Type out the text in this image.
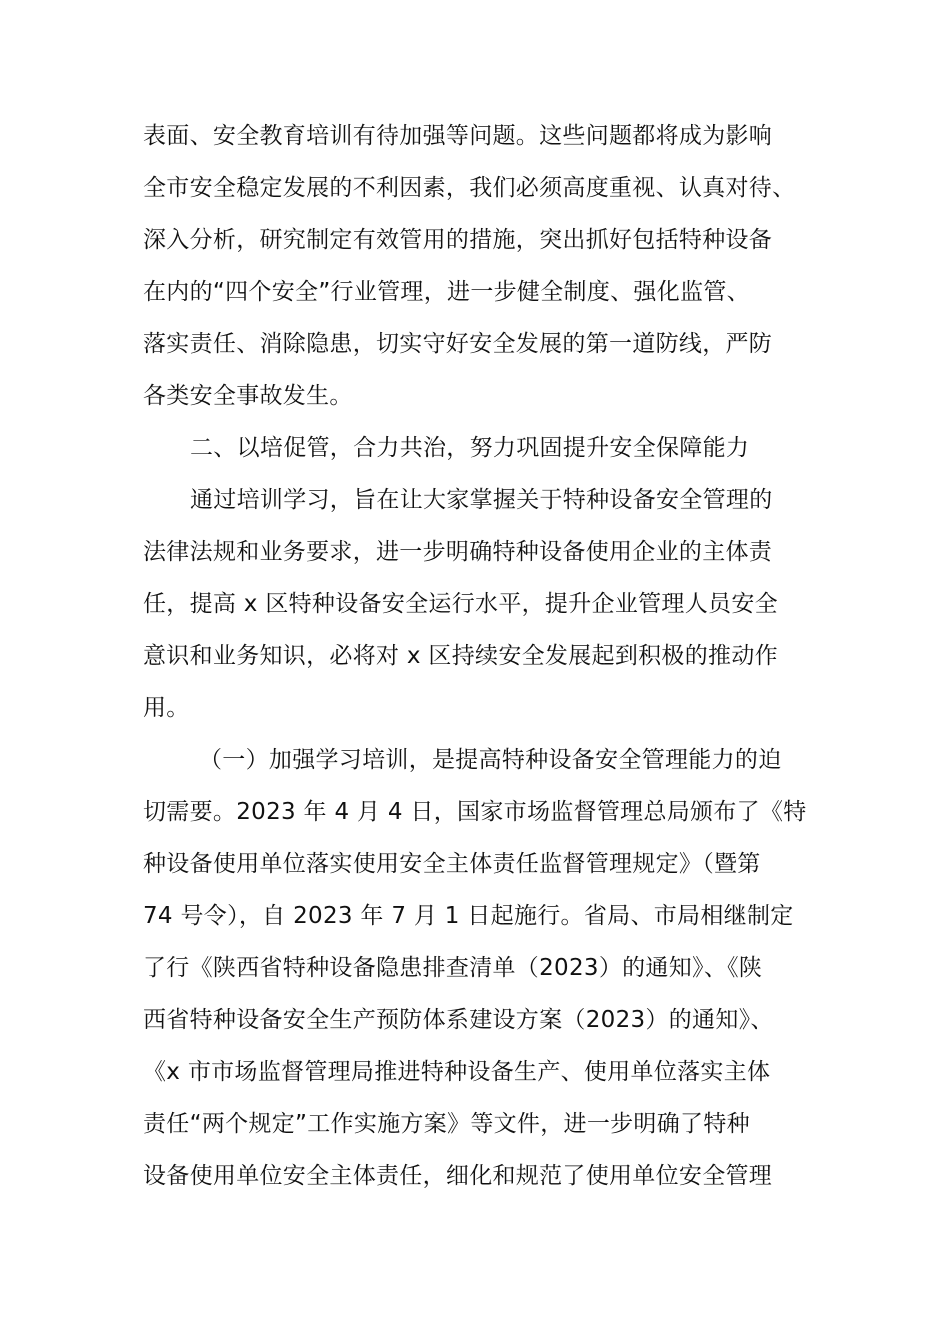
表面、安全教育培训有待加强等问题。这些问题都将成为影响
全市安全稳定发展的不利因素，我们必须高度重视、认真对待、
深入分析，研究制定有效管用的措施，突出抓好包括特种设备
在内的“四个安全”行业管理，进一步健全制度、强化监管、
落实责任、消除隐患，切实守好安全发展的第一道防线，严防
各类安全事故发生。
二、以培促管，合力共治，努力巩固提升安全保障能力
通过培训学习，旨在让大家掌握关于特种设备安全管理的
法律法规和业务要求，进一步明确特种设备使用企业的主体责
任，提高 x 区特种设备安全运行水平，提升企业管理人员安全
意识和业务知识，必将对 x 区持续安全发展起到积极的推动作
用。
（一）加强学习培训，是提高特种设备安全管理能力的迫
切需要。2023 年 4 月 4 日，国家市场监督管理总局颁布了《特
种设备使用单位落实使用安全主体责任监督管理规定》（暨第
74 号令），自 2023 年 7 月 1 日起施行。省局、市局相继制定
了行《陕西省特种设备隐患排查清单（2023）的通知》、《陕
西省特种设备安全生产预防体系建设方案（2023）的通知》、
《x 市市场监督管理局推进特种设备生产、使用单位落实主体
责任“两个规定”工作实施方案》等文件，进一步明确了特种
设备使用单位安全主体责任，细化和规范了使用单位安全管理
